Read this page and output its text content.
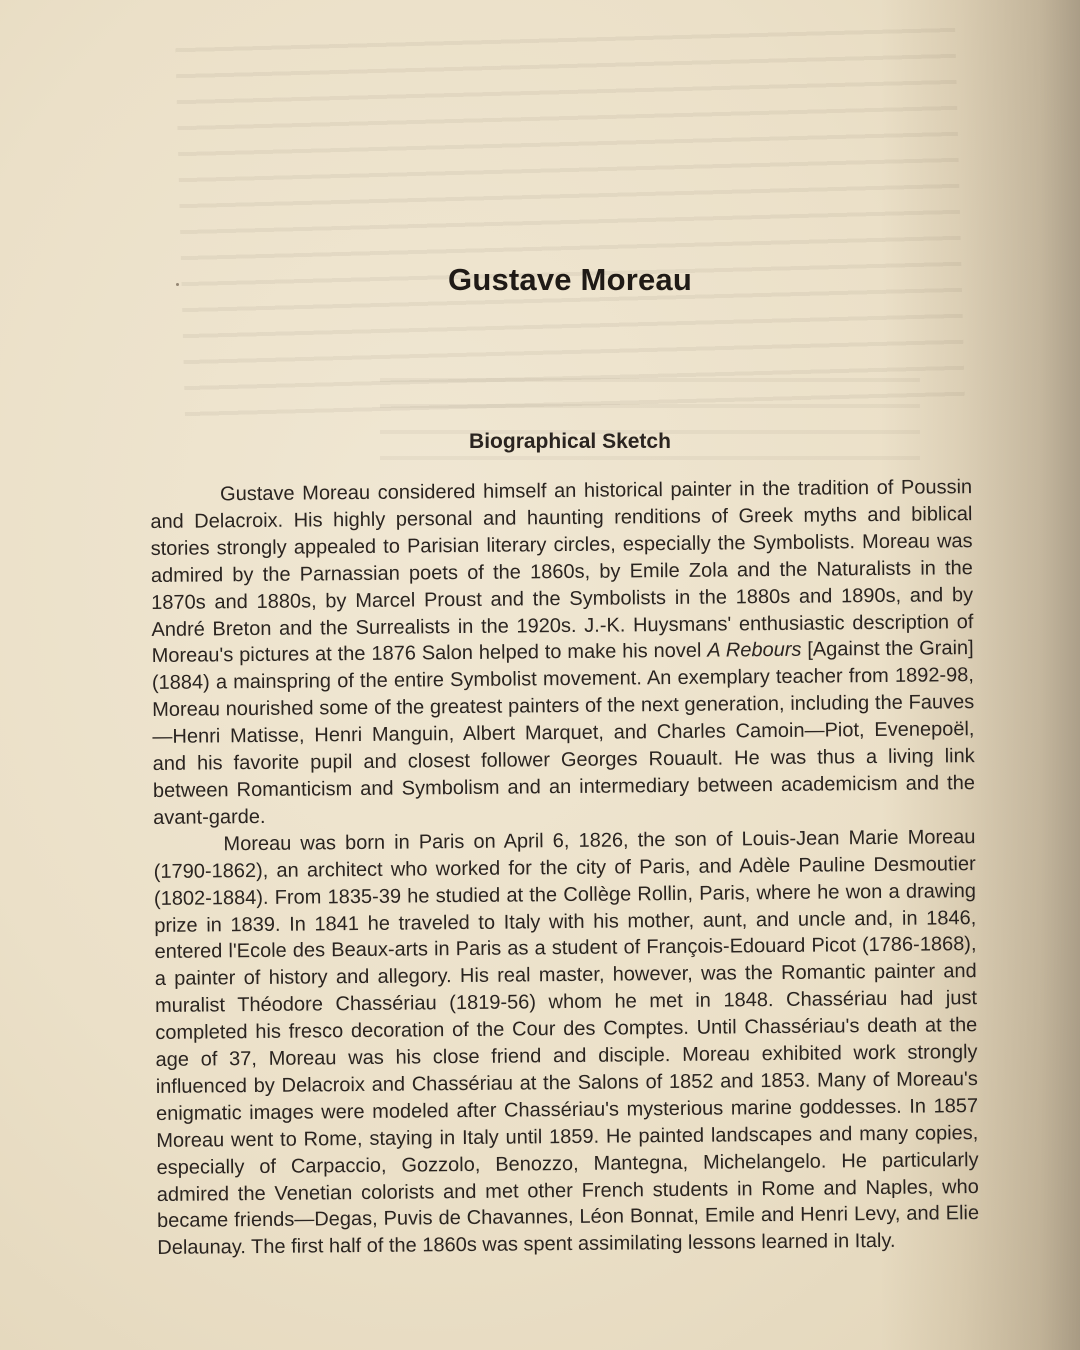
Gustave Moreau
Biographical Sketch

Gustave Moreau considered himself an historical painter in the tradition of Poussin and Delacroix. His highly personal and haunting renditions of Greek myths and biblical stories strongly appealed to Parisian literary circles, especially the Symbolists. Moreau was admired by the Parnassian poets of the 1860s, by Emile Zola and the Naturalists in the 1870s and 1880s, by Marcel Proust and the Symbolists in the 1880s and 1890s, and by André Breton and the Surrealists in the 1920s. J.-K. Huysmans' enthusiastic description of Moreau's pictures at the 1876 Salon helped to make his novel A Rebours [Against the Grain] (1884) a mainspring of the entire Symbolist movement. An exemplary teacher from 1892-98, Moreau nourished some of the greatest painters of the next generation, including the Fauves—Henri Matisse, Henri Manguin, Albert Marquet, and Charles Camoin—Piot, Evenepoël, and his favorite pupil and closest follower Georges Rouault. He was thus a living link between Romanticism and Symbolism and an intermediary between academicism and the avant-garde.

Moreau was born in Paris on April 6, 1826, the son of Louis-Jean Marie Moreau (1790-1862), an architect who worked for the city of Paris, and Adèle Pauline Desmoutier (1802-1884). From 1835-39 he studied at the Collège Rollin, Paris, where he won a drawing prize in 1839. In 1841 he traveled to Italy with his mother, aunt, and uncle and, in 1846, entered l'Ecole des Beaux-arts in Paris as a student of François-Edouard Picot (1786-1868), a painter of history and allegory. His real master, however, was the Romantic painter and muralist Théodore Chassériau (1819-56) whom he met in 1848. Chassériau had just completed his fresco decoration of the Cour des Comptes. Until Chassériau's death at the age of 37, Moreau was his close friend and disciple. Moreau exhibited work strongly influenced by Delacroix and Chassériau at the Salons of 1852 and 1853. Many of Moreau's enigmatic images were modeled after Chassériau's mysterious marine goddesses. In 1857 Moreau went to Rome, staying in Italy until 1859. He painted landscapes and many copies, especially of Carpaccio, Gozzolo, Benozzo, Mantegna, Michelangelo. He particularly admired the Venetian colorists and met other French students in Rome and Naples, who became friends—Degas, Puvis de Chavannes, Léon Bonnat, Emile and Henri Levy, and Elie Delaunay. The first half of the 1860s was spent assimilating lessons learned in Italy.
